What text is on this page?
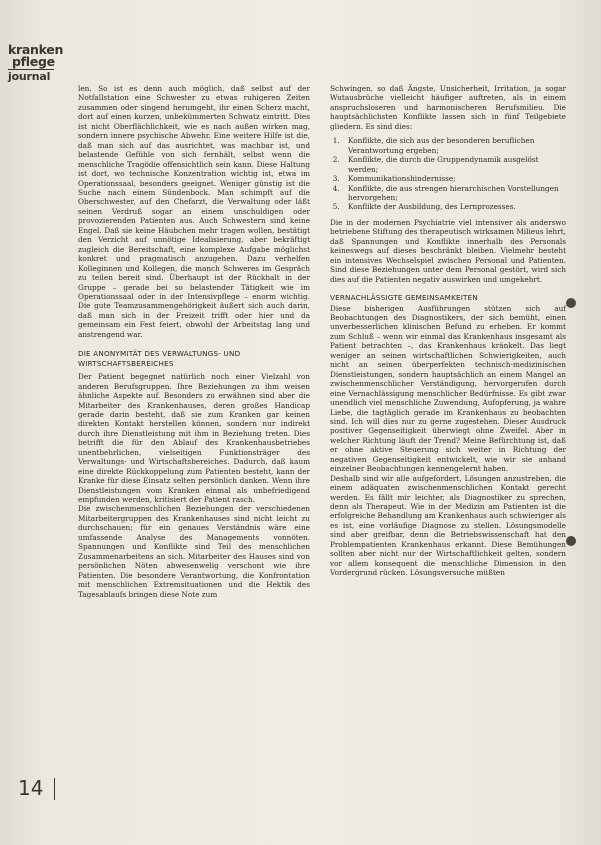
kranken
pflege
journal

len. So ist es denn auch möglich, daß selbst auf der Notfallstation eine Schwester zu etwas ruhigeren Zeiten zusammen oder singend herumgeht, ihr einen Scherz macht, dort auf einen kurzen, unbekümmerten Schwatz eintritt. Dies ist nicht Oberflächlichkeit, wie es nach außen wirken mag, sondern innere psychische Abwehr. Eine weitere Hilfe ist die, daß man sich auf das ausrichtet, was machbar ist, und belastende Gefühle von sich fernhält, selbst wenn die menschliche Tragödie offensichtlich sein kann. Diese Haltung ist dort, wo technische Konzentration wichtig ist, etwa im Operationssaal, besonders geeignet. Weniger günstig ist die Suche nach einem Sündenbock. Man schimpft auf die Oberschwester, auf den Chefarzt, die Verwaltung oder läßt seinen Verdruß sogar an einem unschuldigen oder provozierenden Patienten aus. Auch Schwestern sind keine Engel. Daß sie keine Häubchen mehr tragen wollen, bestätigt den Verzicht auf unnötige Idealisierung, aber bekräftigt zugleich die Bereitschaft, eine komplexe Aufgabe möglichst konkret und pragmatisch anzugehen. Dazu verhelfen Kolleginnen und Kollegen, die manch Schweres im Gespräch zu teilen bereit sind. Überhaupt ist der Rückhalt in der Gruppe – gerade bei so belastender Tätigkeit wie im Operationssaal oder in der Intensivpflege – enorm wichtig. Die gute Teamzusammengehörigkeit äußert sich auch darin, daß man sich in der Freizeit trifft oder hier und da gemeinsam ein Fest feiert, obwohl der Arbeitstag lang und anstrengend war.

DIE ANONYMITÄT DES VERWALTUNGS- UND WIRTSCHAFTSBEREICHES

Der Patient begegnet natürlich noch einer Vielzahl von anderen Berufsgruppen. Ihre Beziehungen zu ihm weisen ähnliche Aspekte auf. Besonders zu erwähnen sind aber die Mitarbeiter des Krankenhauses, deren großes Handicap gerade darin besteht, daß sie zum Kranken gar keinen direkten Kontakt herstellen können, sondern nur indirekt durch ihre Dienstleistung mit ihm in Beziehung treten. Dies betrifft die für den Ablauf des Krankenhausbetriebes unentbehrlichen, vielseitigen Funktionsträger des Verwaltungs- und Wirtschaftsbereiches. Dadurch, daß kaum eine direkte Rückkoppelung zum Patienten besteht, kann der Kranke für diese Einsatz selten persönlich danken. Wenn ihre Dienstleistungen vom Kranken einmal als unbefriedigend empfunden werden, kritisiert der Patient rasch.

Die zwischenmenschlichen Beziehungen der verschiedenen Mitarbeitergruppen des Krankenhauses sind nicht leicht zu durchschauen; für ein genaues Verständnis wäre eine umfassende Analyse des Managements vonnöten. Spannungen und Konflikte sind Teil des menschlichen Zusammenarbeitens an sich. Mitarbeiter des Hauses sind von persönlichen Nöten abwesenwelig verschont wie ihre Patienten. Die besondere Verantwortung, die Konfrontation mit menschlichen Extremsituationen und die Hektik des Tagesablaufs bringen diese Note zum

Schwingen, so daß Ängste, Unsicherheit, Irritation, ja sogar Wutausbrüche vielleicht häufiger auftreten, als in einem anspruchsloseren und harmonischeren Berufsmilieu. Die hauptsächlichsten Konflikte lassen sich in fünf Teilgebiete gliedern. Es sind dies:

1. Konflikte, die sich aus der besonderen beruflichen Verantwortung ergeben;
2. Konflikte, die durch die Gruppendynamik ausgelöst werden;
3. Kommunikationshindernisse;
4. Konflikte, die aus strengen hierarchischen Vorstellungen hervorgehen;
5. Konflikte der Ausbildung, des Lernprozesses.

Die in der modernen Psychiatrie viel intensiver als anderswo betriebene Stiftung des therapeutisch wirksamen Milieus lehrt, daß Spannungen und Konflikte innerhalb des Personals keineswegs auf dieses beschränkt bleiben. Vielmehr besteht ein intensives Wechselspiel zwischen Personal und Patienten. Sind diese Beziehungen unter dem Personal gestört, wird sich dies auf die Patienten negativ auswirken und umgekehrt.

VERNACHLÄSSIGTE GEMEINSAMKEITEN

Diese bisherigen Ausführungen stützen sich auf Beobachtungen des Diagnostikers, der sich bemüht, einen unverbesserlichen klinischen Befund zu erheben. Er kommt zum Schluß – wenn wir einmal das Krankenhaus insgesamt als Patient betrachten –, das Krankenhaus kränkelt. Das liegt weniger an seinen wirtschaftlichen Schwierigkeiten, auch nicht an seinen überperfekten technisch-medizinischen Dienstleistungen, sondern hauptsächlich an einem Mangel an zwischenmenschlicher Verständigung, hervorgerufen durch eine Vernachlässigung menschlicher Bedürfnisse. Es gibt zwar unendlich viel menschliche Zuwendung, Aufopferung, ja wahre Liebe, die tagtäglich gerade im Krankenhaus zu beobachten sind. Ich will dies nur zu gerne zugestehen. Dieser Ausdruck positiver Gegenseitigkeit überwiegt ohne Zweifel. Aber in welcher Richtung läuft der Trend? Meine Befürchtung ist, daß er ohne aktive Steuerung sich weiter in Richtung der negativen Gegenseitigkeit entwickelt, wie wir sie anhand einzelner Beobachtungen kennengelernt haben.

Deshalb sind wir alle aufgefordert, Lösungen anzustreben, die einem adäquaten zwischenmenschlichen Kontakt gerecht werden. Es fällt mir leichter, als Diagnostiker zu sprechen, denn als Therapeut. Wie in der Medizin am Patienten ist die erfolgreiche Behandlung am Krankenhaus auch schwieriger als es ist, eine vorläufige Diagnose zu stellen. Lösungsmodelle sind aber greifbar, denn die Betriebswissenschaft hat den Problempatienten Krankenhaus erkannt. Diese Bemühungen sollten aber nicht nur der Wirtschaftlichkeit gelten, sondern vor allem konsequent die menschliche Dimension in den Vordergrund rücken. Lösungsversuche müßten

14
